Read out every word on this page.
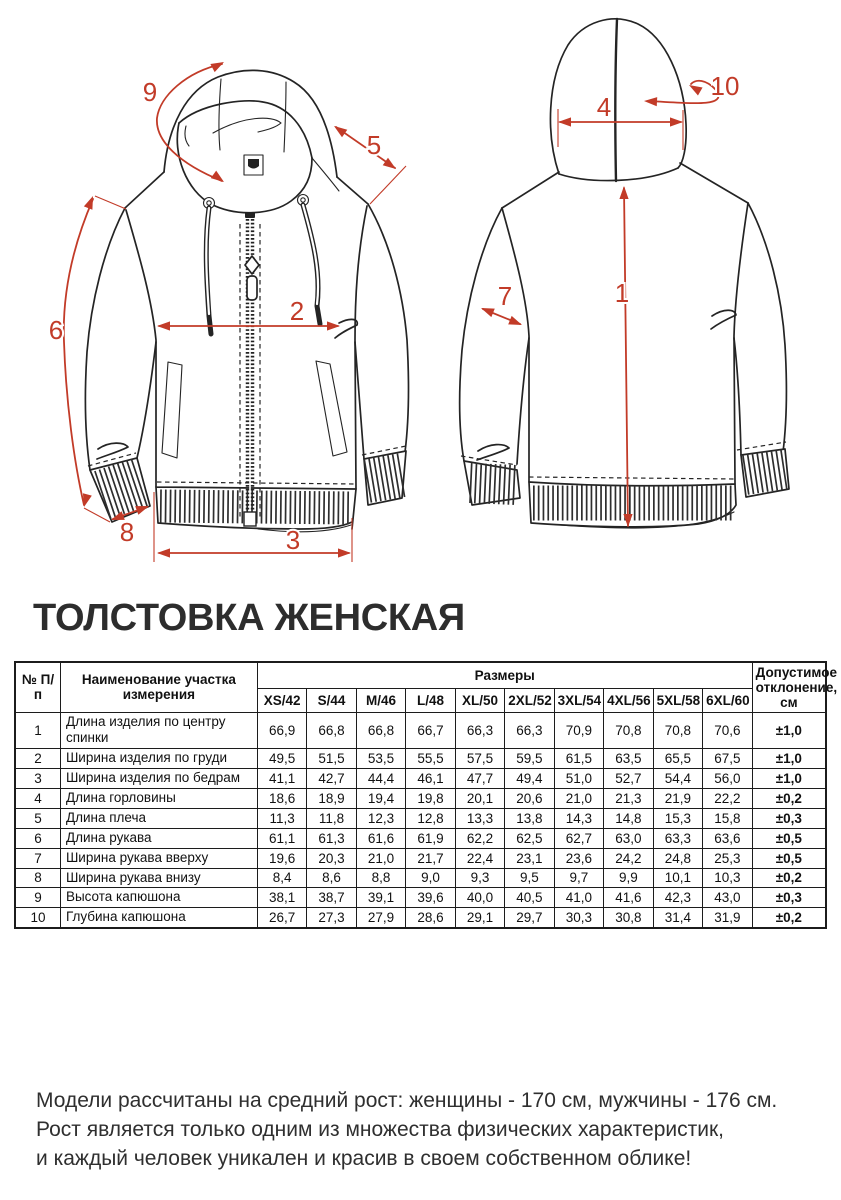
9
5
6
2
8	3
10
4
1
7
ТОЛСТОВКА ЖЕНСКАЯ
№ П/п	Наименование участка измерения	Размеры										Допустимое отклонение, см
		XS/42	S/44	M/46	L/48	XL/50	2XL/52	3XL/54	4XL/56	5XL/58	6XL/60	
1	Длина изделия по центру спинки	66,9	66,8	66,8	66,7	66,3	66,3	70,9	70,8	70,8	70,6	±1,0
2	Ширина изделия по груди	49,5	51,5	53,5	55,5	57,5	59,5	61,5	63,5	65,5	67,5	±1,0
3	Ширина изделия по бедрам	41,1	42,7	44,4	46,1	47,7	49,4	51,0	52,7	54,4	56,0	±1,0
4	Длина горловины	18,6	18,9	19,4	19,8	20,1	20,6	21,0	21,3	21,9	22,2	±0,2
5	Длина плеча	11,3	11,8	12,3	12,8	13,3	13,8	14,3	14,8	15,3	15,8	±0,3
6	Длина рукава	61,1	61,3	61,6	61,9	62,2	62,5	62,7	63,0	63,3	63,6	±0,5
7	Ширина рукава вверху	19,6	20,3	21,0	21,7	22,4	23,1	23,6	24,2	24,8	25,3	±0,5
8	Ширина рукава внизу	8,4	8,6	8,8	9,0	9,3	9,5	9,7	9,9	10,1	10,3	±0,2
9	Высота капюшона	38,1	38,7	39,1	39,6	40,0	40,5	41,0	41,6	42,3	43,0	±0,3
10	Глубина капюшона	26,7	27,3	27,9	28,6	29,1	29,7	30,3	30,8	31,4	31,9	±0,2
Модели рассчитаны на средний рост: женщины - 170 см, мужчины - 176 см.
Рост является только одним из множества физических характеристик,
и каждый человек уникален и красив в своем собственном облике!
